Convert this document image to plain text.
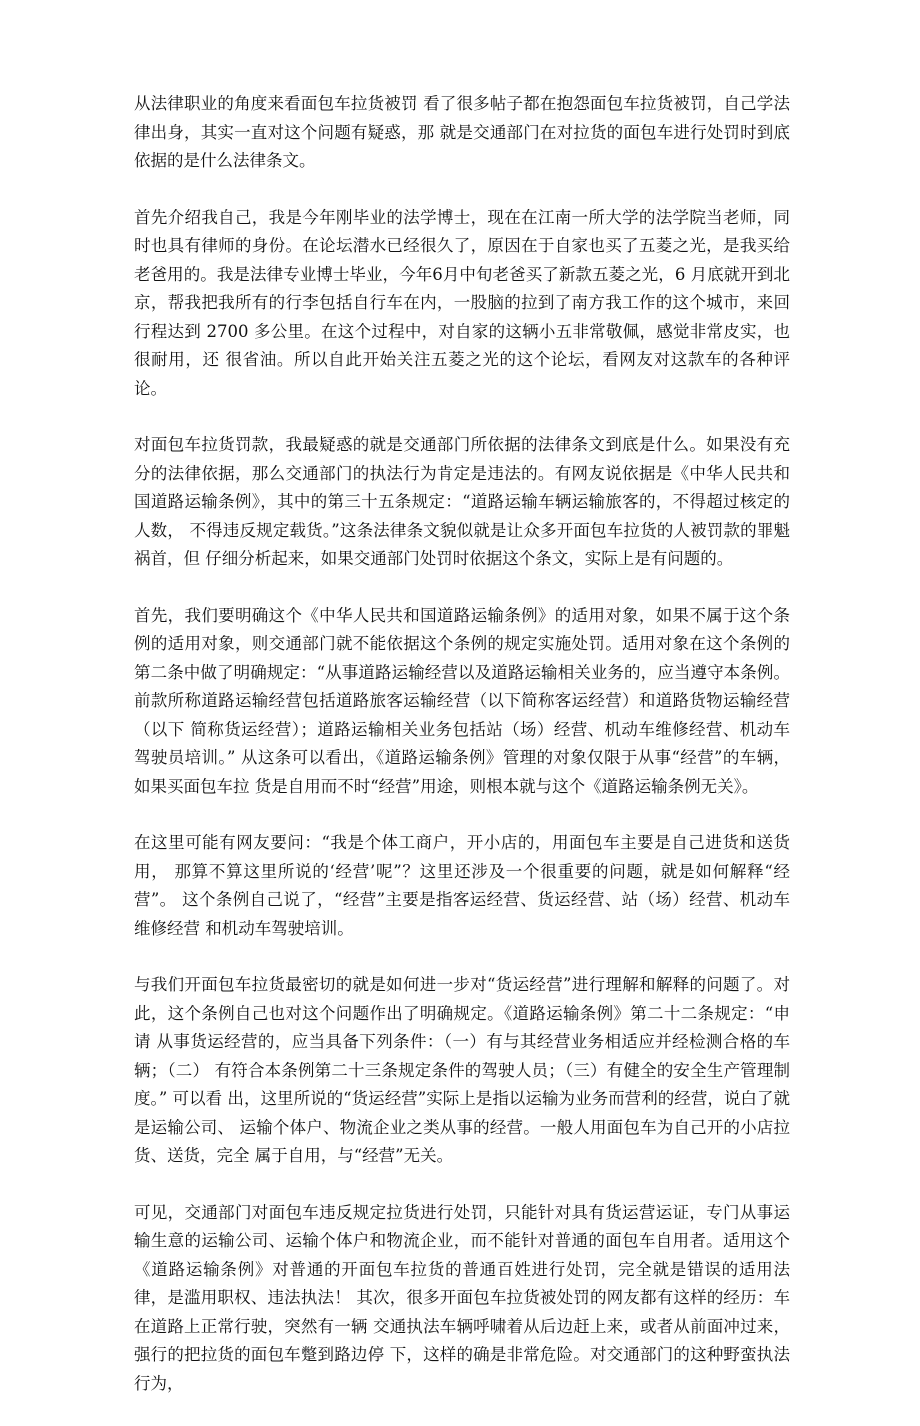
从法律职业的角度来看面包车拉货被罚 看了很多帖子都在抱怨面包车拉货被罚，自己学法律出身，其实一直对这个问题有疑惑，那 就是交通部门在对拉货的面包车进行处罚时到底依据的是什么法律条文。

首先介绍我自己，我是今年刚毕业的法学博士，现在在江南一所大学的法学院当老师，同时也具有律师的身份。在论坛潜水已经很久了，原因在于自家也买了五菱之光，是我买给老爸用的。我是法律专业博士毕业，今年6月中旬老爸买了新款五菱之光，6 月底就开到北京，帮我把我所有的行李包括自行车在内，一股脑的拉到了南方我工作的这个城市，来回行程达到 2700 多公里。在这个过程中，对自家的这辆小五非常敬佩，感觉非常皮实，也很耐用，还 很省油。所以自此开始关注五菱之光的这个论坛，看网友对这款车的各种评论。

对面包车拉货罚款，我最疑惑的就是交通部门所依据的法律条文到底是什么。如果没有充分的法律依据，那么交通部门的执法行为肯定是违法的。有网友说依据是《中华人民共和国道路运输条例》，其中的第三十五条规定：“道路运输车辆运输旅客的，不得超过核定的人数， 不得违反规定载货。”这条法律条文貌似就是让众多开面包车拉货的人被罚款的罪魁祸首，但 仔细分析起来，如果交通部门处罚时依据这个条文，实际上是有问题的。

首先，我们要明确这个《中华人民共和国道路运输条例》的适用对象，如果不属于这个条例的适用对象，则交通部门就不能依据这个条例的规定实施处罚。适用对象在这个条例的第二条中做了明确规定：“从事道路运输经营以及道路运输相关业务的，应当遵守本条例。 前款所称道路运输经营包括道路旅客运输经营（以下简称客运经营）和道路货物运输经营（以下 简称货运经营）；道路运输相关业务包括站（场）经营、机动车维修经营、机动车驾驶员培训。” 从这条可以看出，《道路运输条例》管理的对象仅限于从事“经营”的车辆，如果买面包车拉 货是自用而不时“经营”用途，则根本就与这个《道路运输条例无关》。

在这里可能有网友要问：“我是个体工商户，开小店的，用面包车主要是自己进货和送货用， 那算不算这里所说的‘经营’呢”？这里还涉及一个很重要的问题，就是如何解释“经营”。 这个条例自己说了，“经营”主要是指客运经营、货运经营、站（场）经营、机动车维修经营 和机动车驾驶培训。

与我们开面包车拉货最密切的就是如何进一步对“货运经营”进行理解和解释的问题了。对此，这个条例自己也对这个问题作出了明确规定。《道路运输条例》第二十二条规定：“申请 从事货运经营的，应当具备下列条件：（一）有与其经营业务相适应并经检测合格的车辆；（二） 有符合本条例第二十三条规定条件的驾驶人员；（三）有健全的安全生产管理制度。” 可以看 出，这里所说的“货运经营”实际上是指以运输为业务而营利的经营，说白了就是运输公司、 运输个体户、物流企业之类从事的经营。一般人用面包车为自己开的小店拉货、送货，完全 属于自用，与“经营”无关。

可见，交通部门对面包车违反规定拉货进行处罚，只能针对具有货运营运证，专门从事运输生意的运输公司、运输个体户和物流企业，而不能针对普通的面包车自用者。适用这个《道路运输条例》对普通的开面包车拉货的普通百姓进行处罚，完全就是错误的适用法律，是滥用职权、违法执法！ 其次，很多开面包车拉货被处罚的网友都有这样的经历：车在道路上正常行驶，突然有一辆 交通执法车辆呼啸着从后边赶上来，或者从前面冲过来，强行的把拉货的面包车蹩到路边停 下，这样的确是非常危险。对交通部门的这种野蛮执法行为，
